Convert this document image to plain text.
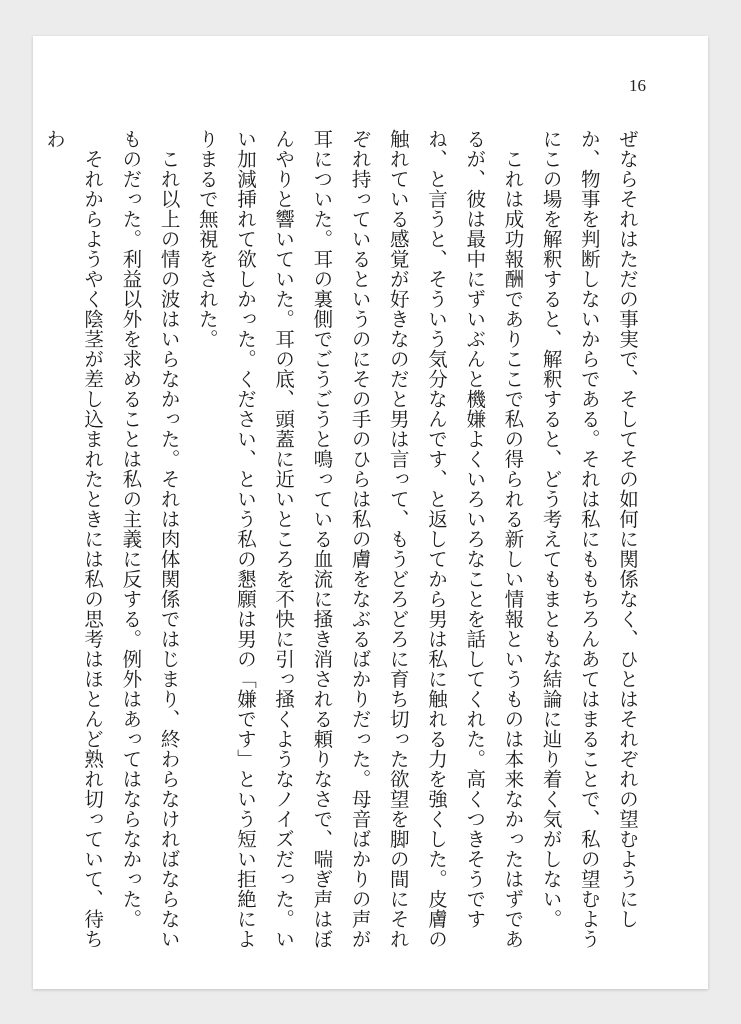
16

ぜならそれはただの事実で、そしてその如何に関係なく、ひとはそれぞれの望むようにしか、物事を判断しないからである。それは私にももちろんあてはまることで、私の望むようにこの場を解釈すると、解釈すると、どう考えてもまともな結論に辿り着く気がしない。

　これは成功報酬でありここで私の得られる新しい情報というものは本来なかったはずであるが、彼は最中にずいぶんと機嫌よくいろいろなことを話してくれた。高くつきそうですね、と言うと、そういう気分なんです、と返してから男は私に触れる力を強くした。皮膚の触れている感覚が好きなのだと男は言って、もうどろどろに育ち切った欲望を脚の間にそれぞれ持っているというのにその手のひらは私の膚をなぶるばかりだった。母音ばかりの声が耳についた。耳の裏側でごうごうと鳴っている血流に掻き消される頼りなさで、喘ぎ声はぼんやりと響いていた。耳の底、頭蓋に近いところを不快に引っ掻くようなノイズだった。いい加減挿れて欲しかった。ください、という私の懇願は男の「嫌です」という短い拒絶によりまるで無視をされた。

　これ以上の情の波はいらなかった。それは肉体関係ではじまり、終わらなければならないものだった。利益以外を求めることは私の主義に反する。例外はあってはならなかった。

　それからようやく陰茎が差し込まれたときには私の思考はほとんど熟れ切っていて、待ちわ
